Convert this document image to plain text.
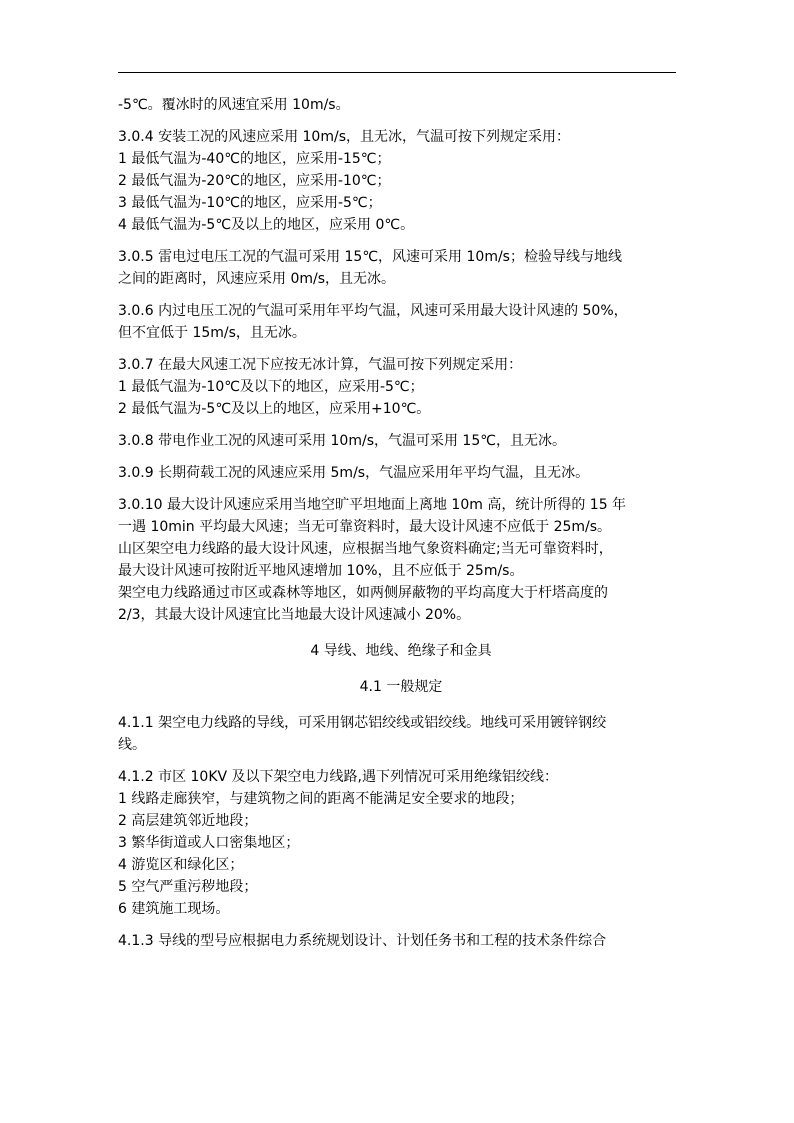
-5℃。覆冰时的风速宜采用 10m/s。
3.0.4 安装工况的风速应采用 10m/s，且无冰，气温可按下列规定采用：
1 最低气温为-40℃的地区，应采用-15℃；
2 最低气温为-20℃的地区，应采用-10℃；
3 最低气温为-10℃的地区，应采用-5℃；
4 最低气温为-5℃及以上的地区，应采用 0℃。
3.0.5 雷电过电压工况的气温可采用 15℃，风速可采用 10m/s；检验导线与地线
之间的距离时，风速应采用 0m/s，且无冰。
3.0.6 内过电压工况的气温可采用年平均气温，风速可采用最大设计风速的 50%，
但不宜低于 15m/s，且无冰。
3.0.7 在最大风速工况下应按无冰计算，气温可按下列规定采用：
1 最低气温为-10℃及以下的地区，应采用-5℃；
2 最低气温为-5℃及以上的地区，应采用+10℃。
3.0.8 带电作业工况的风速可采用 10m/s，气温可采用 15℃，且无冰。
3.0.9 长期荷载工况的风速应采用 5m/s，气温应采用年平均气温，且无冰。
3.0.10 最大设计风速应采用当地空旷平坦地面上离地 10m 高，统计所得的 15 年
一遇 10min 平均最大风速；当无可靠资料时，最大设计风速不应低于 25m/s。
山区架空电力线路的最大设计风速，应根据当地气象资料确定;当无可靠资料时，
最大设计风速可按附近平地风速增加 10%，且不应低于 25m/s。
架空电力线路通过市区或森林等地区，如两侧屏蔽物的平均高度大于杆塔高度的
2/3，其最大设计风速宜比当地最大设计风速减小 20%。
4 导线、地线、绝缘子和金具
4.1 一般规定
4.1.1 架空电力线路的导线，可采用钢芯铝绞线或铝绞线。地线可采用镀锌钢绞
线。
4.1.2 市区 10KV 及以下架空电力线路,遇下列情况可采用绝缘铝绞线：
1 线路走廊狭窄，与建筑物之间的距离不能满足安全要求的地段；
2 高层建筑邻近地段；
3 繁华街道或人口密集地区；
4 游览区和绿化区；
5 空气严重污秽地段；
6 建筑施工现场。
4.1.3 导线的型号应根据电力系统规划设计、计划任务书和工程的技术条件综合
